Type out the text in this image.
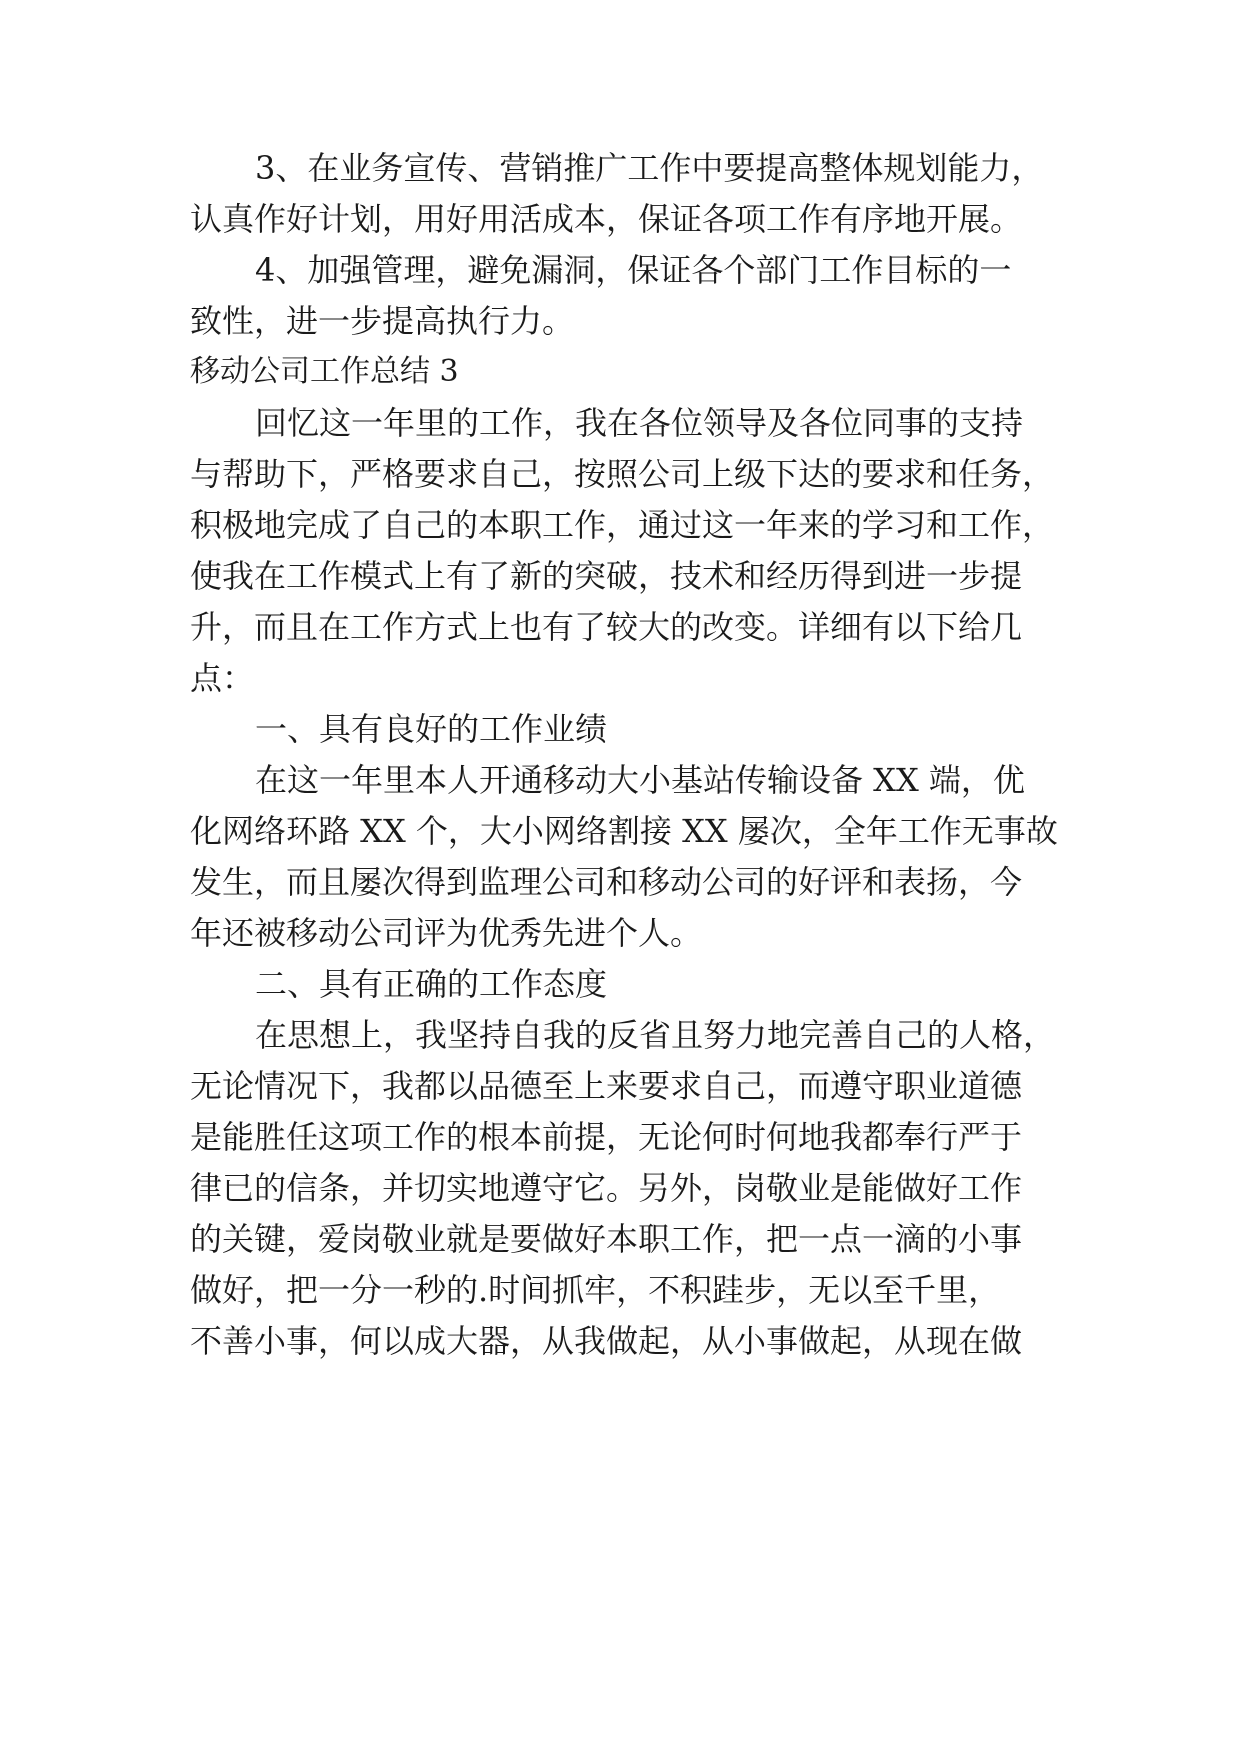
3、在业务宣传、营销推广工作中要提高整体规划能力，
认真作好计划，用好用活成本，保证各项工作有序地开展。
4、加强管理，避免漏洞，保证各个部门工作目标的一
致性，进一步提高执行力。
移动公司工作总结 3
回忆这一年里的工作，我在各位领导及各位同事的支持
与帮助下，严格要求自己，按照公司上级下达的要求和任务，
积极地完成了自己的本职工作，通过这一年来的学习和工作，
使我在工作模式上有了新的突破，技术和经历得到进一步提
升，而且在工作方式上也有了较大的改变。详细有以下给几
点：
一、具有良好的工作业绩
在这一年里本人开通移动大小基站传输设备 XX 端，优
化网络环路 XX 个，大小网络割接 XX 屡次，全年工作无事故
发生，而且屡次得到监理公司和移动公司的好评和表扬，今
年还被移动公司评为优秀先进个人。
二、具有正确的工作态度
在思想上，我坚持自我的反省且努力地完善自己的人格，
无论情况下，我都以品德至上来要求自己，而遵守职业道德
是能胜任这项工作的根本前提，无论何时何地我都奉行严于
律已的信条，并切实地遵守它。另外，岗敬业是能做好工作
的关键，爱岗敬业就是要做好本职工作，把一点一滴的小事
做好，把一分一秒的.时间抓牢，不积跬步，无以至千里，
不善小事，何以成大器，从我做起，从小事做起，从现在做
